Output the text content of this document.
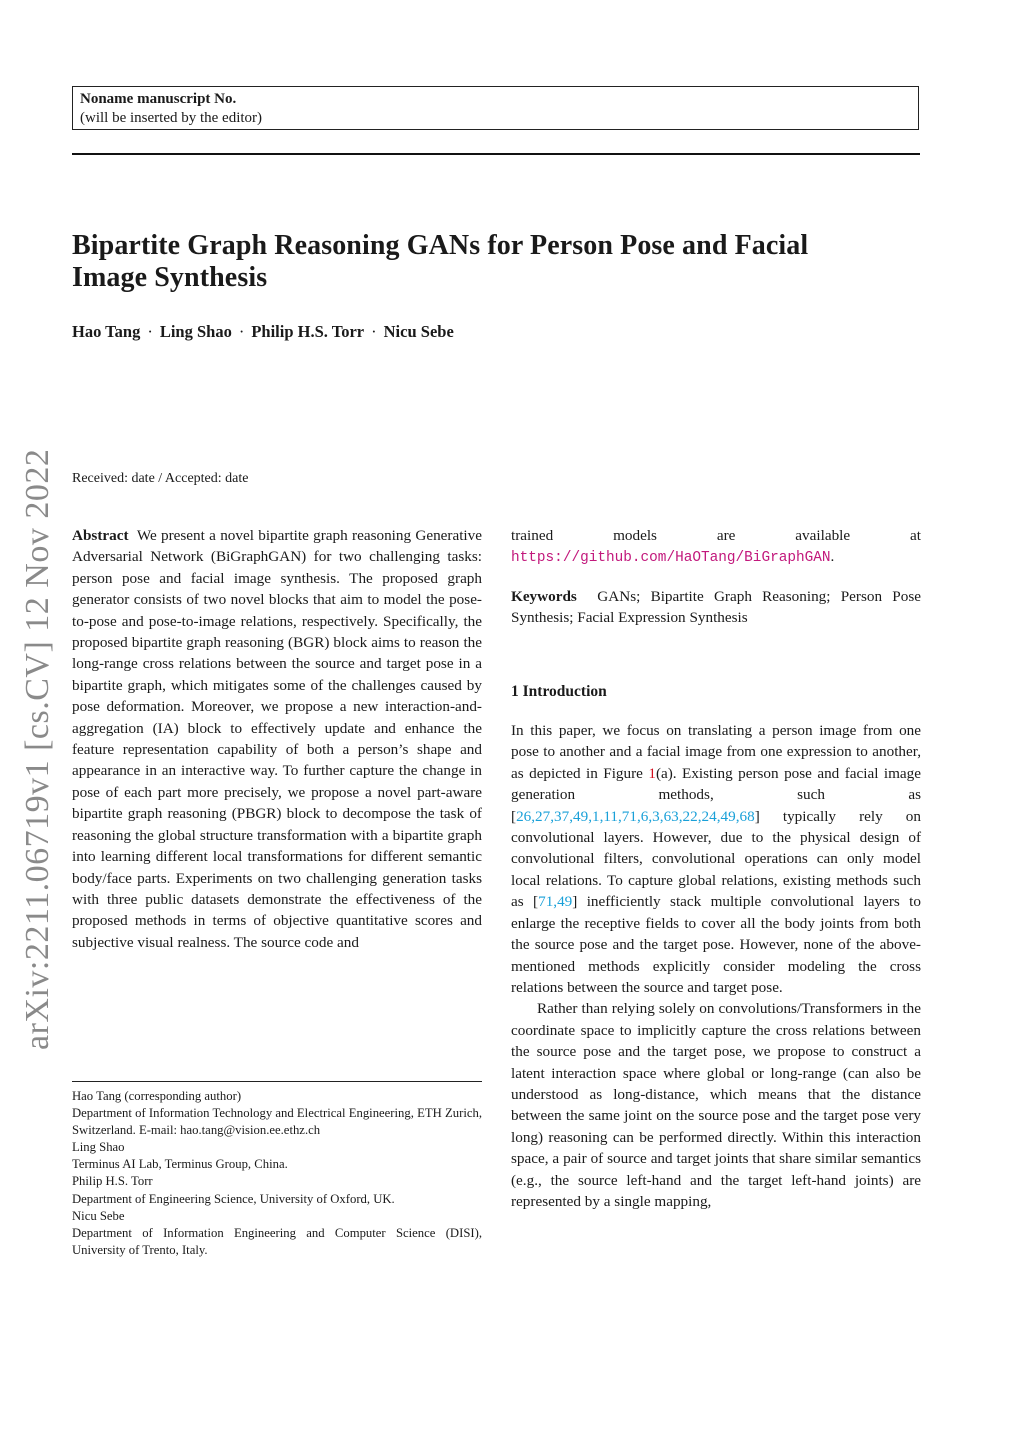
Noname manuscript No.
(will be inserted by the editor)
arXiv:2211.06719v1 [cs.CV] 12 Nov 2022
Bipartite Graph Reasoning GANs for Person Pose and Facial
Image Synthesis
Hao Tang · Ling Shao · Philip H.S. Torr · Nicu Sebe
Received: date / Accepted: date

Abstract We present a novel bipartite graph reasoning Generative Adversarial Network (BiGraphGAN) for two challenging tasks: person pose and facial image synthesis. The proposed graph generator consists of two novel blocks that aim to model the pose-to-pose and pose-to-image relations, respectively. Specifically, the proposed bipartite graph reasoning (BGR) block aims to reason the long-range cross relations between the source and target pose in a bipartite graph, which mitigates some of the challenges caused by pose deformation. Moreover, we propose a new interaction-and-aggregation (IA) block to effectively update and enhance the feature representation capability of both a person’s shape and appearance in an interactive way. To further capture the change in pose of each part more precisely, we propose a novel part-aware bipartite graph reasoning (PBGR) block to decompose the task of reasoning the global structure transformation with a bipartite graph into learning different local transformations for different semantic body/face parts. Experiments on two challenging generation tasks with three public datasets demonstrate the effectiveness of the proposed methods in terms of objective quantitative scores and subjective visual realness. The source code and

trained models are available at https://github.com/HaOTang/BiGraphGAN.

Keywords GANs; Bipartite Graph Reasoning; Person Pose Synthesis; Facial Expression Synthesis

1 Introduction

In this paper, we focus on translating a person image from one pose to another and a facial image from one expression to another, as depicted in Figure 1(a). Existing person pose and facial image generation methods, such as [26,27,37,49,1,11,71,6,3,63,22,24,49,68] typically rely on convolutional layers. However, due to the physical design of convolutional filters, convolutional operations can only model local relations. To capture global relations, existing methods such as [71,49] inefficiently stack multiple convolutional layers to enlarge the receptive fields to cover all the body joints from both the source pose and the target pose. However, none of the above-mentioned methods explicitly consider modeling the cross relations between the source and target pose.

Rather than relying solely on convolutions/Transformers in the coordinate space to implicitly capture the cross relations between the source pose and the target pose, we propose to construct a latent interaction space where global or long-range (can also be understood as long-distance, which means that the distance between the same joint on the source pose and the target pose very long) reasoning can be performed directly. Within this interaction space, a pair of source and target joints that share similar semantics (e.g., the source left-hand and the target left-hand joints) are represented by a single mapping,

Hao Tang (corresponding author)
Department of Information Technology and Electrical Engineering, ETH Zurich, Switzerland. E-mail: hao.tang@vision.ee.ethz.ch
Ling Shao
Terminus AI Lab, Terminus Group, China.
Philip H.S. Torr
Department of Engineering Science, University of Oxford, UK.
Nicu Sebe
Department of Information Engineering and Computer Science (DISI), University of Trento, Italy.
